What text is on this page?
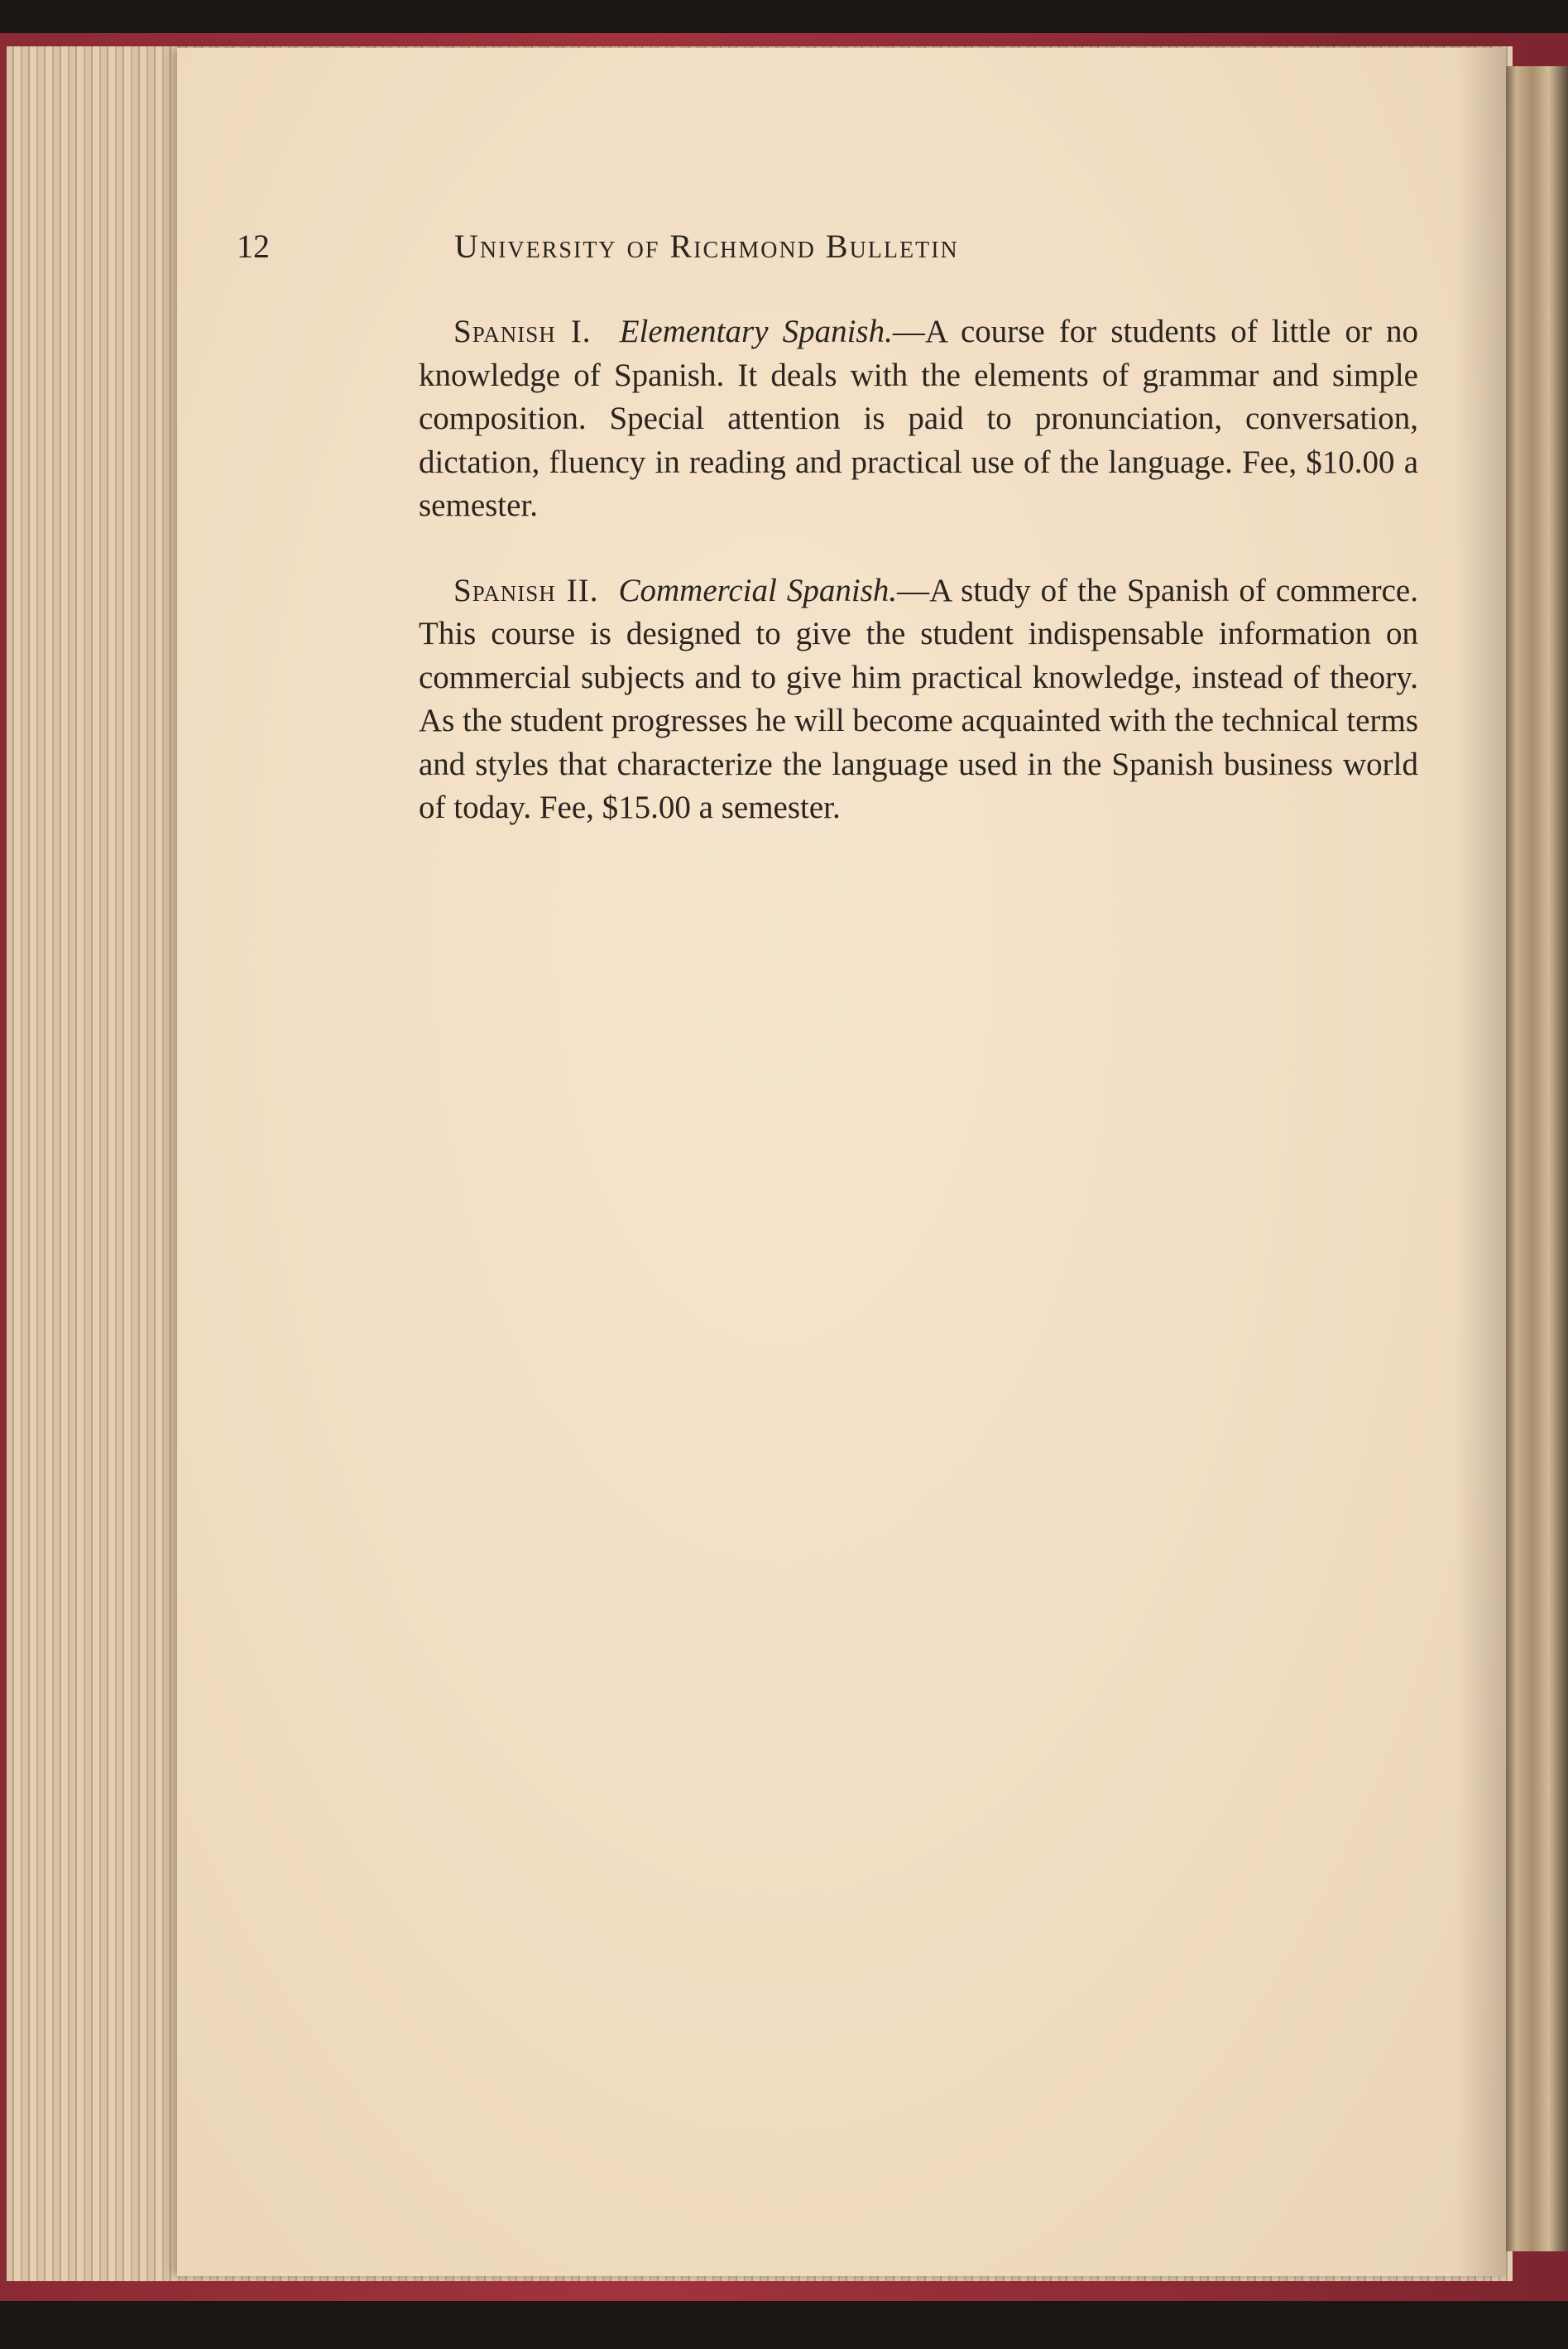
12	University of Richmond Bulletin

Spanish I. Elementary Spanish.—A course for students of little or no knowledge of Spanish. It deals with the elements of grammar and simple composition. Special attention is paid to pronunciation, conversation, dictation, fluency in reading and practical use of the language. Fee, $10.00 a semester.

Spanish II. Commercial Spanish.—A study of the Spanish of commerce. This course is designed to give the student indispensable information on commercial subjects and to give him practical knowledge, instead of theory. As the student progresses he will become acquainted with the technical terms and styles that characterize the language used in the Spanish business world of today. Fee, $15.00 a semester.
